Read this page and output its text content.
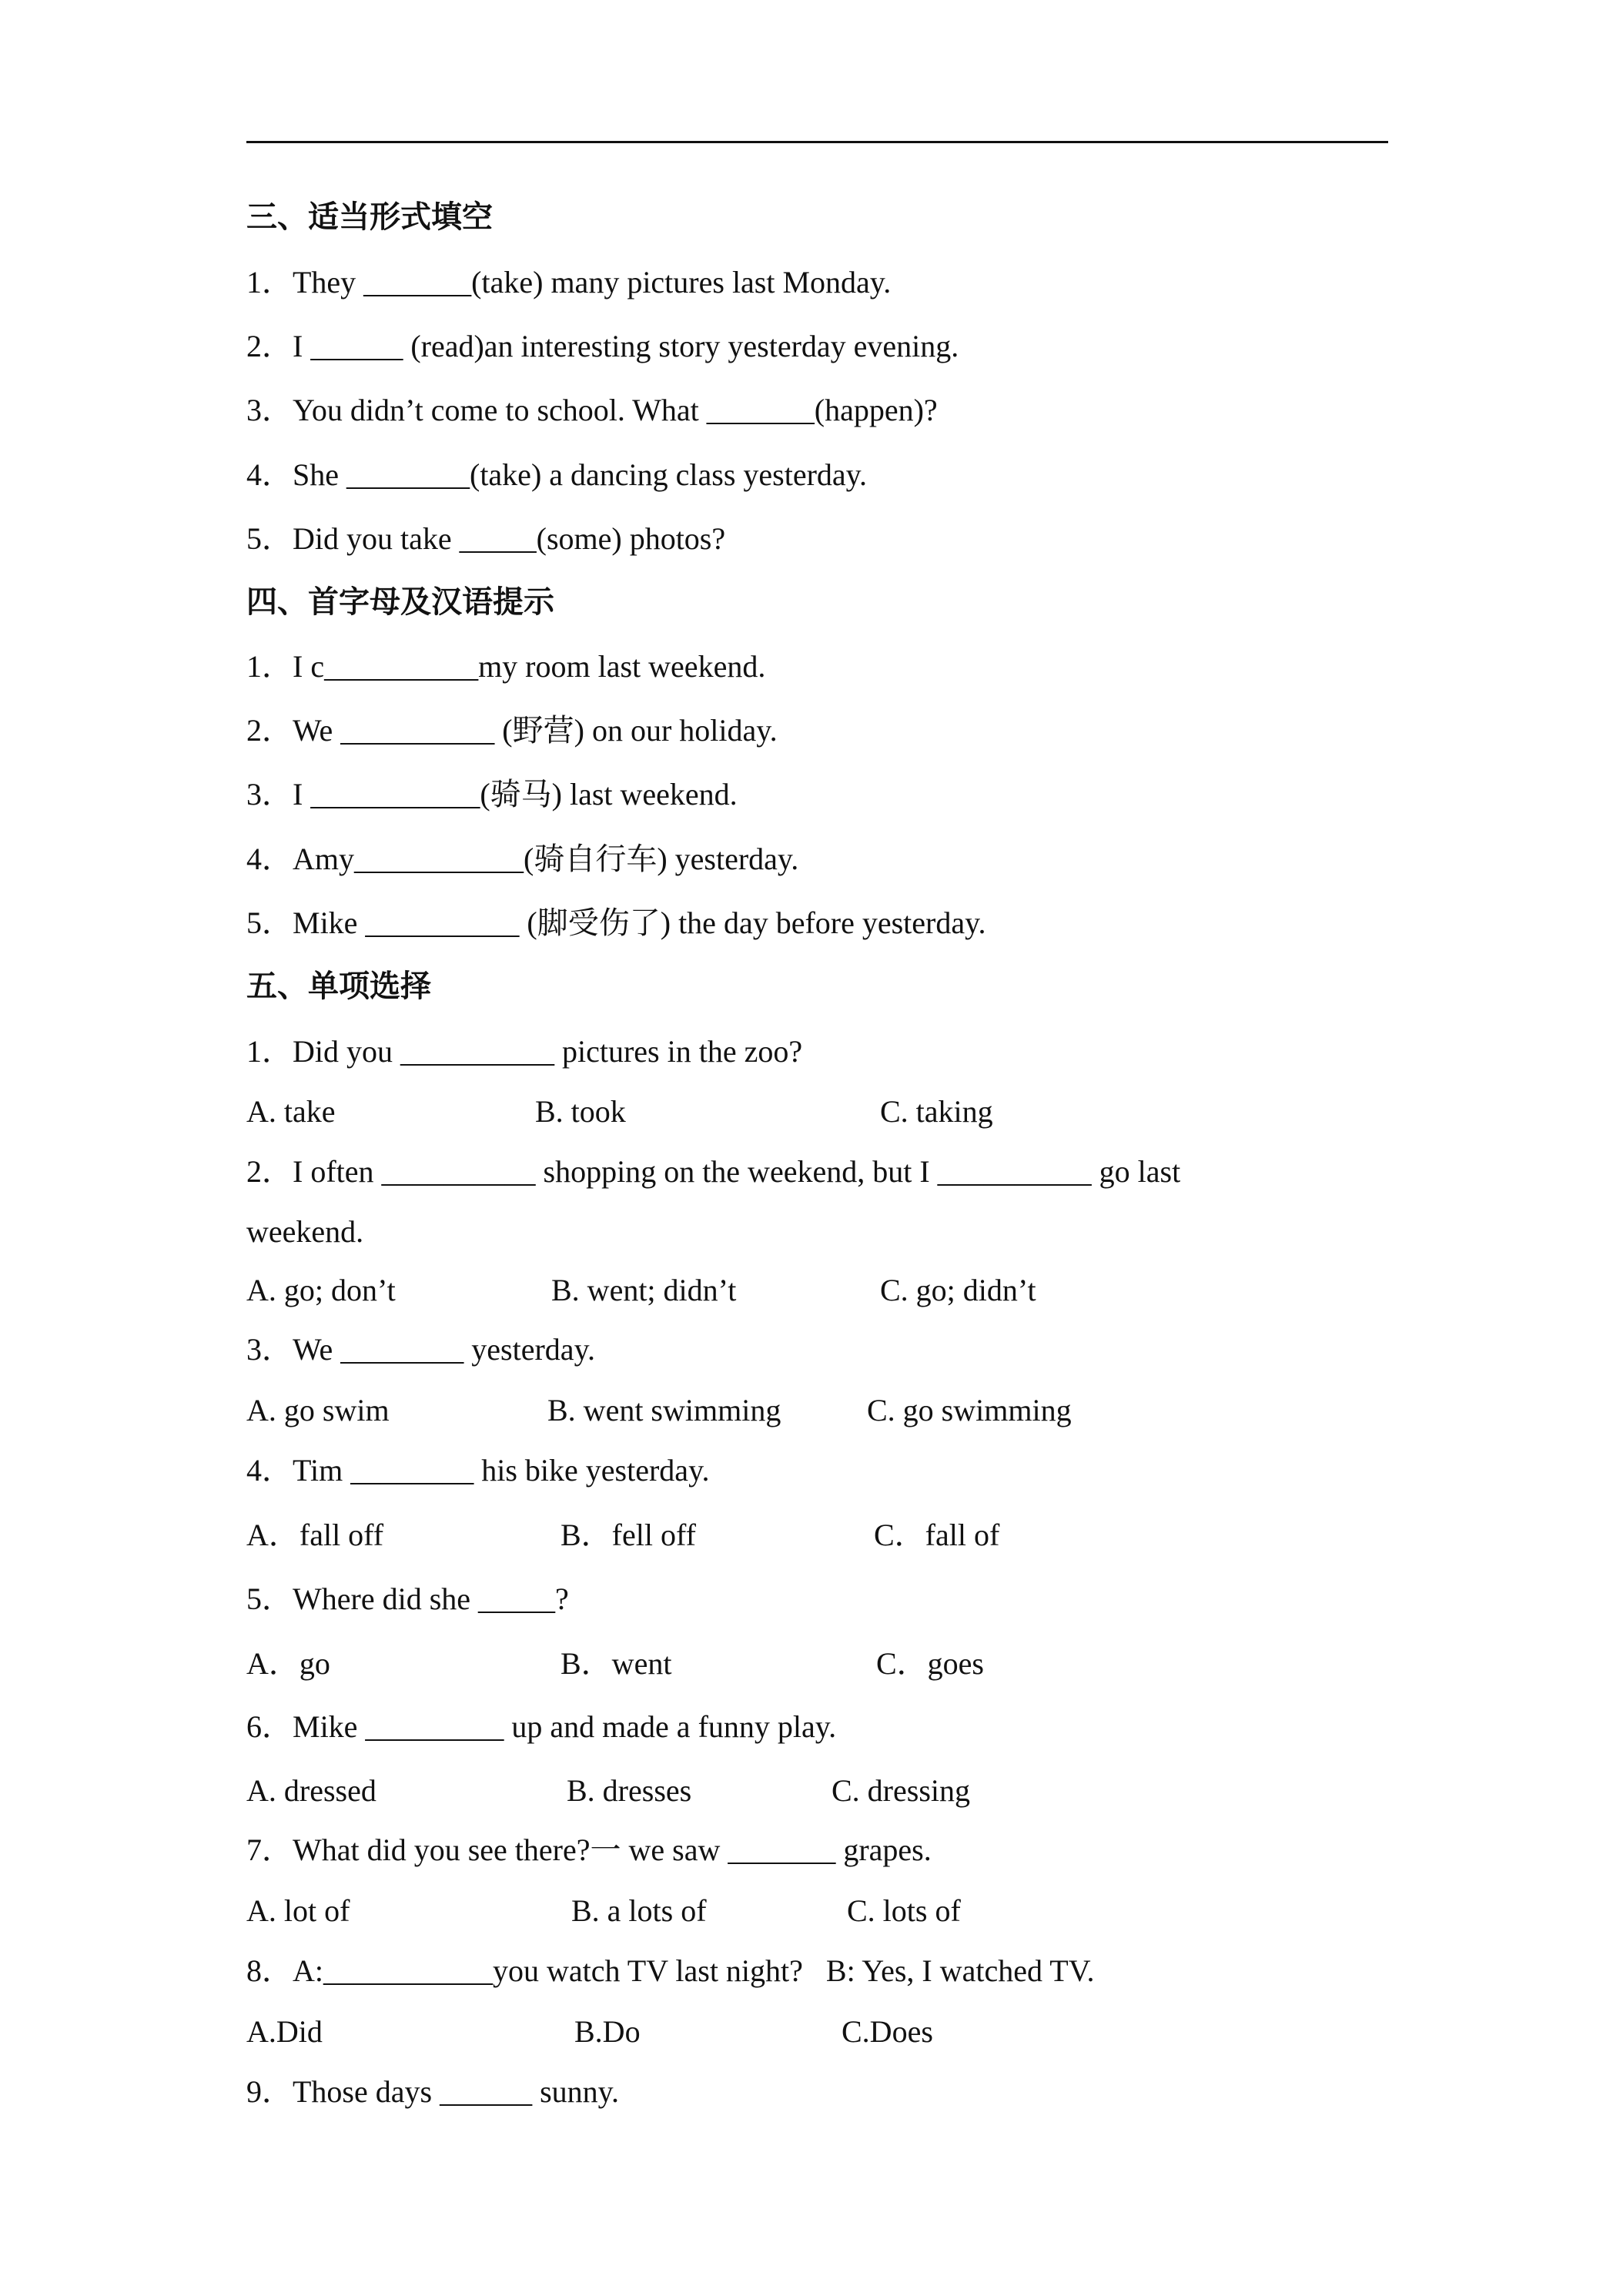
三、适当形式填空
1．They _______(take) many pictures last Monday.
2．I ______ (read)an interesting story yesterday evening.
3．You didn’t come to school. What _______(happen)?
4．She ________(take) a dancing class yesterday.
5．Did you take _____(some) photos?
四、首字母及汉语提示
1．I c__________my room last weekend.
2．We __________ (野营) on our holiday.
3．I ___________(骑马) last weekend.
4．Amy___________(骑自行车) yesterday.
5．Mike __________ (脚受伤了) the day before yesterday.
五、单项选择
1．Did you __________ pictures in the zoo?
A. take	B. took	C. taking
2．I often __________ shopping on the weekend, but I __________ go last
weekend.
A. go; don’t	B. went; didn’t	C. go; didn’t
3．We ________ yesterday.
A. go swim	B. went swimming	C. go swimming
4．Tim ________ his bike yesterday.
A．fall off	B．fell off	C．fall of
5．Where did she _____?
A．go	B．went	C．goes
6．Mike _________ up and made a funny play.
A. dressed	B. dresses	C. dressing
7．What did you see there?一 we saw _______ grapes.
A. lot of	B. a lots of	C. lots of
8．A:___________you watch TV last night?   B: Yes, I watched TV.
A.Did	B.Do	C.Does
9．Those days ______ sunny.
